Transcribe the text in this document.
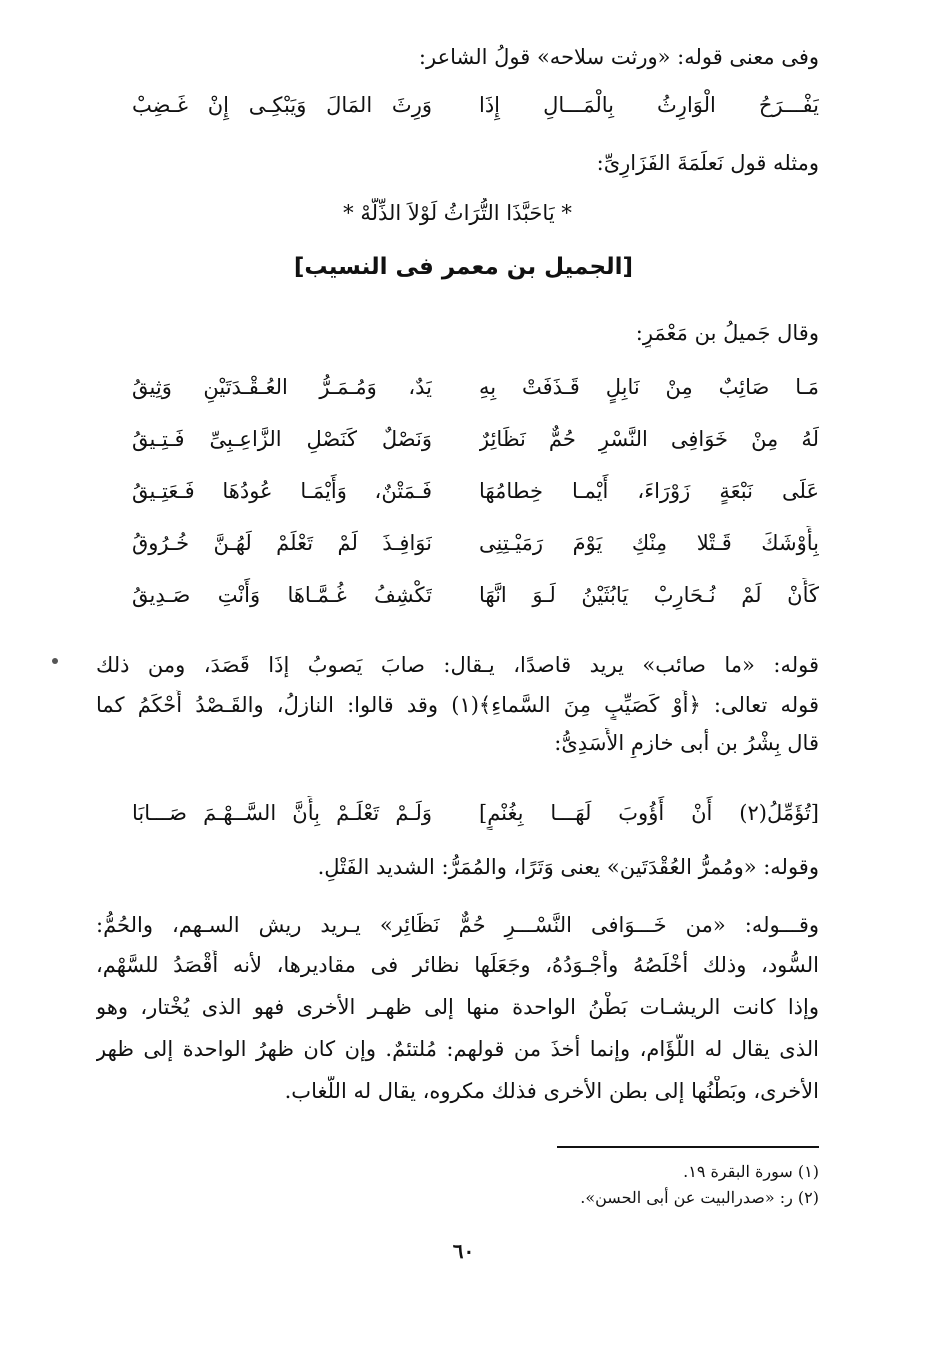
وفى معنى قوله: «ورثت سلاحه» قولُ الشاعر:
يَفْـــرَحُ الْوَارِثُ بِالْمَـــالِ إِذَا
وَرِثَ المَالَ وَيَبْكِـى إِنْ غَـضِبْ
ومثله قول نَعلَمَةَ الفَزَارِىِّ:
* يَاحَبَّذَا التُّرَاثُ لَوْلاَ الذِّلَّهْ *
[الجميل بن معمر فى النسيب]
وقال جَميلُ بن مَعْمَرٍ:
مَـا صَائِبٌ مِنْ نَابِلٍ قَـذَفَتْ بِهِ
يَدٌ، وَمُـمَـرُّ العُـقْـدَتَيْنِ وَثِيقُ
لَهُ مِنْ خَوَافِى النَّسْرِ حُمٌّ نَظَائِرٌ
وَنَصْلٌ كَنَصْلِ الزَّاعِـبِىِّ فَـتِـيقُ
عَلَى نَبْعَةٍ زَوْرَاءَ، أَيْمـا خِطامُهَا
فَـمَتْنٌ، وَأَيْمَـا عُودُهَا فَـعَتِـيقُ
بِأَوْشَكَ قَـتْلا مِنْكِ يَوْمَ رَمَيْـتِنِى
نَوَافِـذَ لَمْ تَعْلَمْ لَهُـنَّ خُـرُوقُ
كَأَنْ لَمْ نُـحَارِبْ يَابُثَيْنُ لَـوَ انَّهَا
تَكْشِفُ غُـمَّـاهَا وَأَنْتِ صَـدِيقُ
قوله: «ما صائب» يريد قاصدًا، يـقال: صابَ يَصوبُ إذَا قَصَدَ، ومن ذلك
قوله تعالى: ﴿أَوْ كَصَيِّبٍ مِنَ السَّماءِ﴾(١) وقد قالوا: النازلُ، والقَـصْدُ أَحْكَمُ كما
قال بِشْرُ بن أبى خازمٍ الأَسَدِىُّ:
[تُؤَمِّلُ(٢) أَنْ أَؤُوبَ لَهَـــا بِغُنْمٍ]
وَلَـمْ تَعْلَـمْ بِأَنَّ السَّــهْـمَ صَـــابَا
وقوله: «ومُمرُّ العُقْدَتَين» يعنى وَتَرًا، والمُمَرُّ: الشديد الفَتْلِ.
وقـــوله: «من خَـــوَافى النَّسْـــرِ حُمٌّ نَظَائِر» يـريد ريش السـهم، والحُمُّ:
السُّود، وذلك أخْلَصُهُ وأَجْـوَدُهُ، وجَعَلَها نظائر فى مقاديرها، لأنه أَقْصَدُ للسَّهْم،
وإذا كانت الريشـات بَطْنُ الواحدة منها إلى ظهـر الأخرى فهو الذى يُخْتار، وهو
الذى يقال له اللُّؤَام، وإنما أخذَ من قولهم: مُلتئمٌ. وإن كان ظهرُ الواحدة إلى ظهر
الأخرى، وبَطْنُها إلى بطن الأخرى فذلك مكروه، يقال له اللُّغاب.
(١) سورة البقرة ١٩.
(٢) ر: «صدرالبيت عن أبى الحسن».
٦٠
